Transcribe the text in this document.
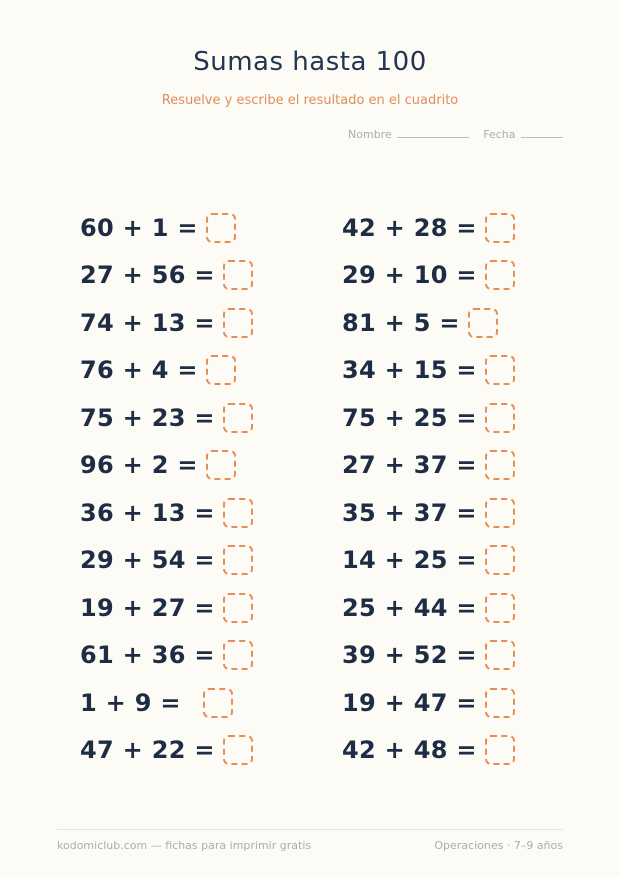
Sumas hasta 100
Resuelve y escribe el resultado en el cuadrito
Nombre	Fecha
60 + 1 =
27 + 56 =
74 + 13 =
76 + 4 =
75 + 23 =
96 + 2 =
36 + 13 =
29 + 54 =
19 + 27 =
61 + 36 =
1 + 9 =
47 + 22 =
42 + 28 =
29 + 10 =
81 + 5 =
34 + 15 =
75 + 25 =
27 + 37 =
35 + 37 =
14 + 25 =
25 + 44 =
39 + 52 =
19 + 47 =
42 + 48 =
kodomiclub.com — fichas para imprimir gratis	Operaciones · 7–9 años
